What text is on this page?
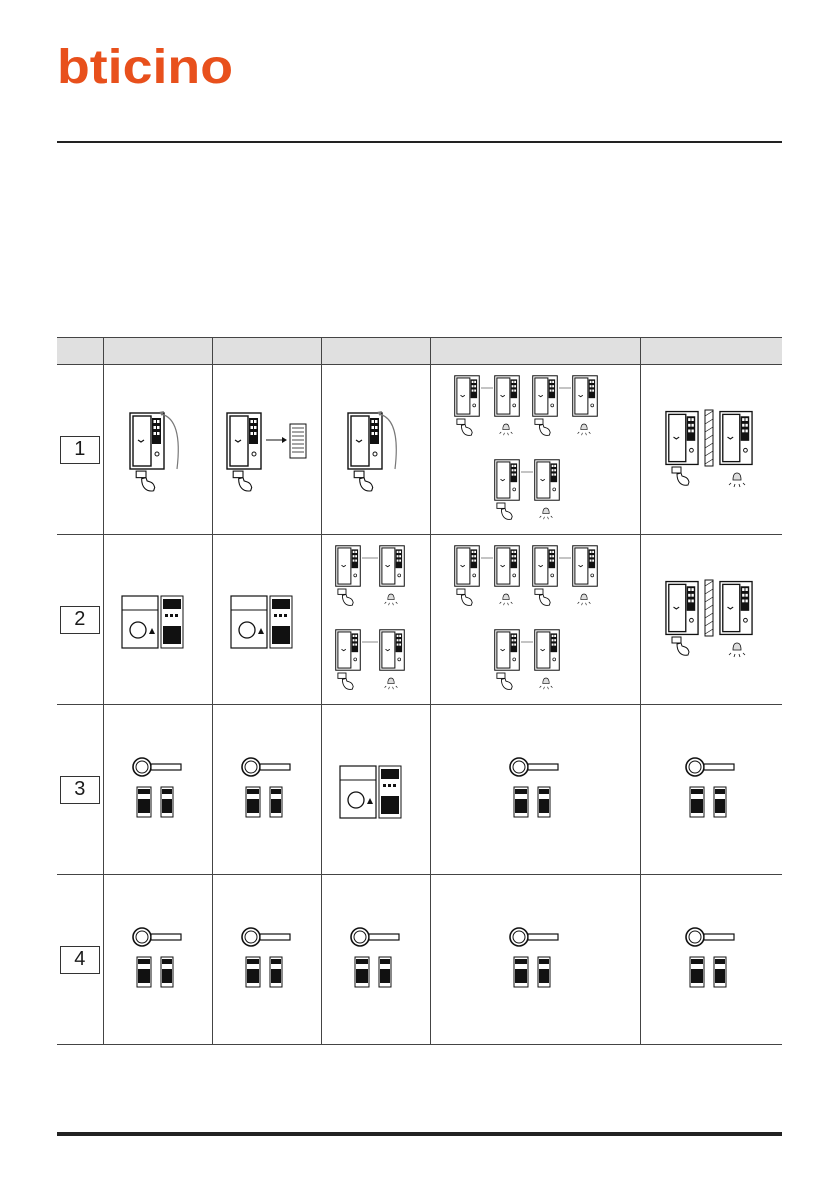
bticino

1	

2	

3	

4	
